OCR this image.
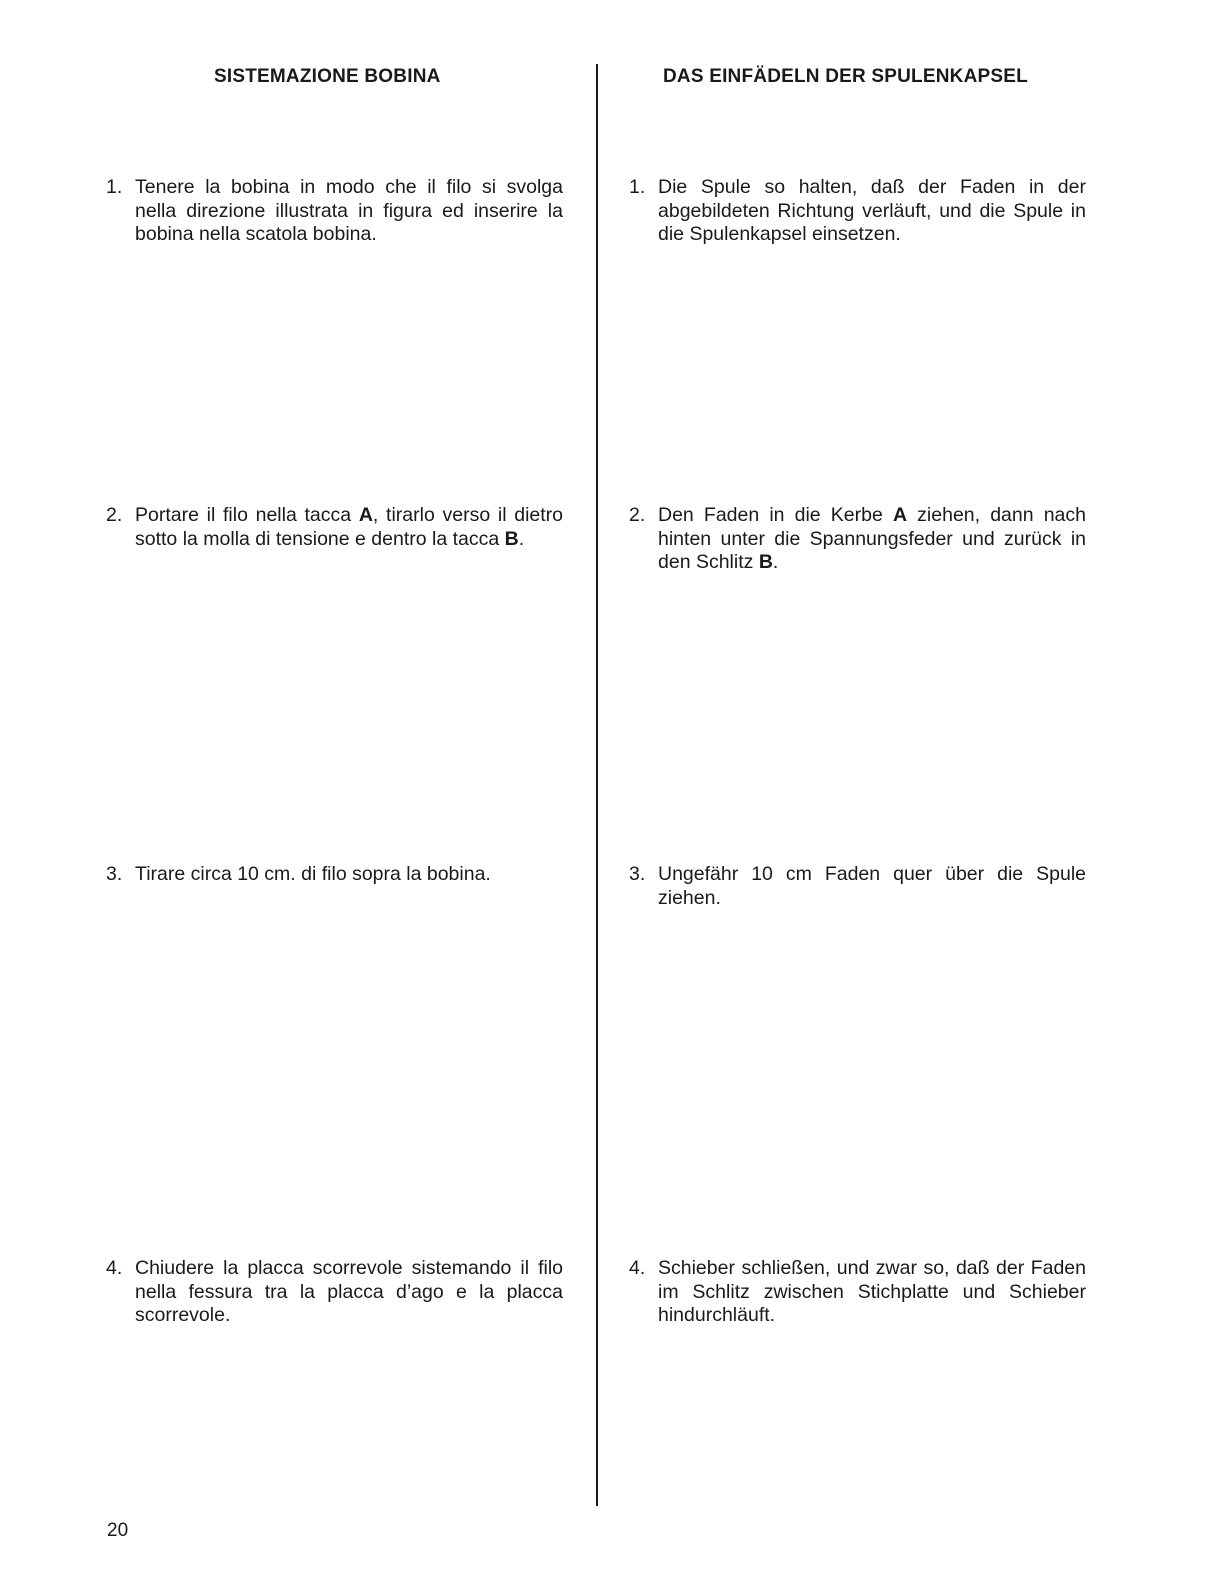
SISTEMAZIONE BOBINA
1. Tenere la bobina in modo che il filo si svolga nella direzione illustrata in figura ed inserire la bobina nella scatola bobina.
2. Portare il filo nella tacca A, tirarlo verso il dietro sotto la molla di tensione e dentro la tacca B.
3. Tirare circa 10 cm. di filo sopra la bobina.
4. Chiudere la placca scorrevole sistemando il filo nella fessura tra la placca d’ago e la placca scorrevole.
DAS EINFÄDELN DER SPULENKAPSEL
1. Die Spule so halten, daß der Faden in der abgebildeten Richtung verläuft, und die Spule in die Spulenkapsel einsetzen.
2. Den Faden in die Kerbe A ziehen, dann nach hinten unter die Spannungsfeder und zurück in den Schlitz B.
3. Ungefähr 10 cm Faden quer über die Spule ziehen.
4. Schieber schließen, und zwar so, daß der Faden im Schlitz zwischen Stichplatte und Schieber hindurchläuft.
20
